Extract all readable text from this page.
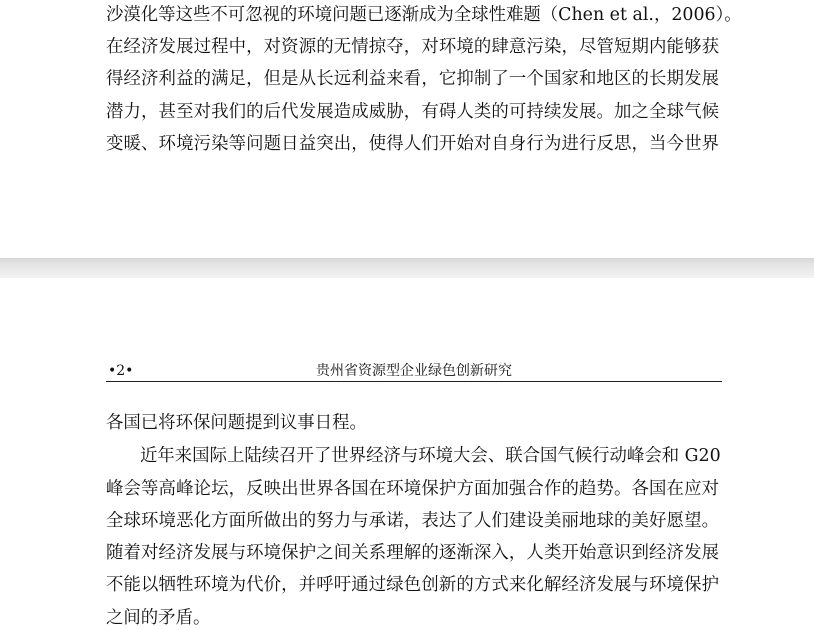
沙漠化等这些不可忽视的环境问题已逐渐成为全球性难题（Chen et al.，2006）。
在经济发展过程中，对资源的无情掠夺，对环境的肆意污染，尽管短期内能够获
得经济利益的满足，但是从长远利益来看，它抑制了一个国家和地区的长期发展
潜力，甚至对我们的后代发展造成威胁，有碍人类的可持续发展。加之全球气候
变暖、环境污染等问题日益突出，使得人们开始对自身行为进行反思，当今世界
•2•	贵州省资源型企业绿色创新研究
各国已将环保问题提到议事日程。
近年来国际上陆续召开了世界经济与环境大会、联合国气候行动峰会和 G20
峰会等高峰论坛，反映出世界各国在环境保护方面加强合作的趋势。各国在应对
全球环境恶化方面所做出的努力与承诺，表达了人们建设美丽地球的美好愿望。
随着对经济发展与环境保护之间关系理解的逐渐深入，人类开始意识到经济发展
不能以牺牲环境为代价，并呼吁通过绿色创新的方式来化解经济发展与环境保护
之间的矛盾。
